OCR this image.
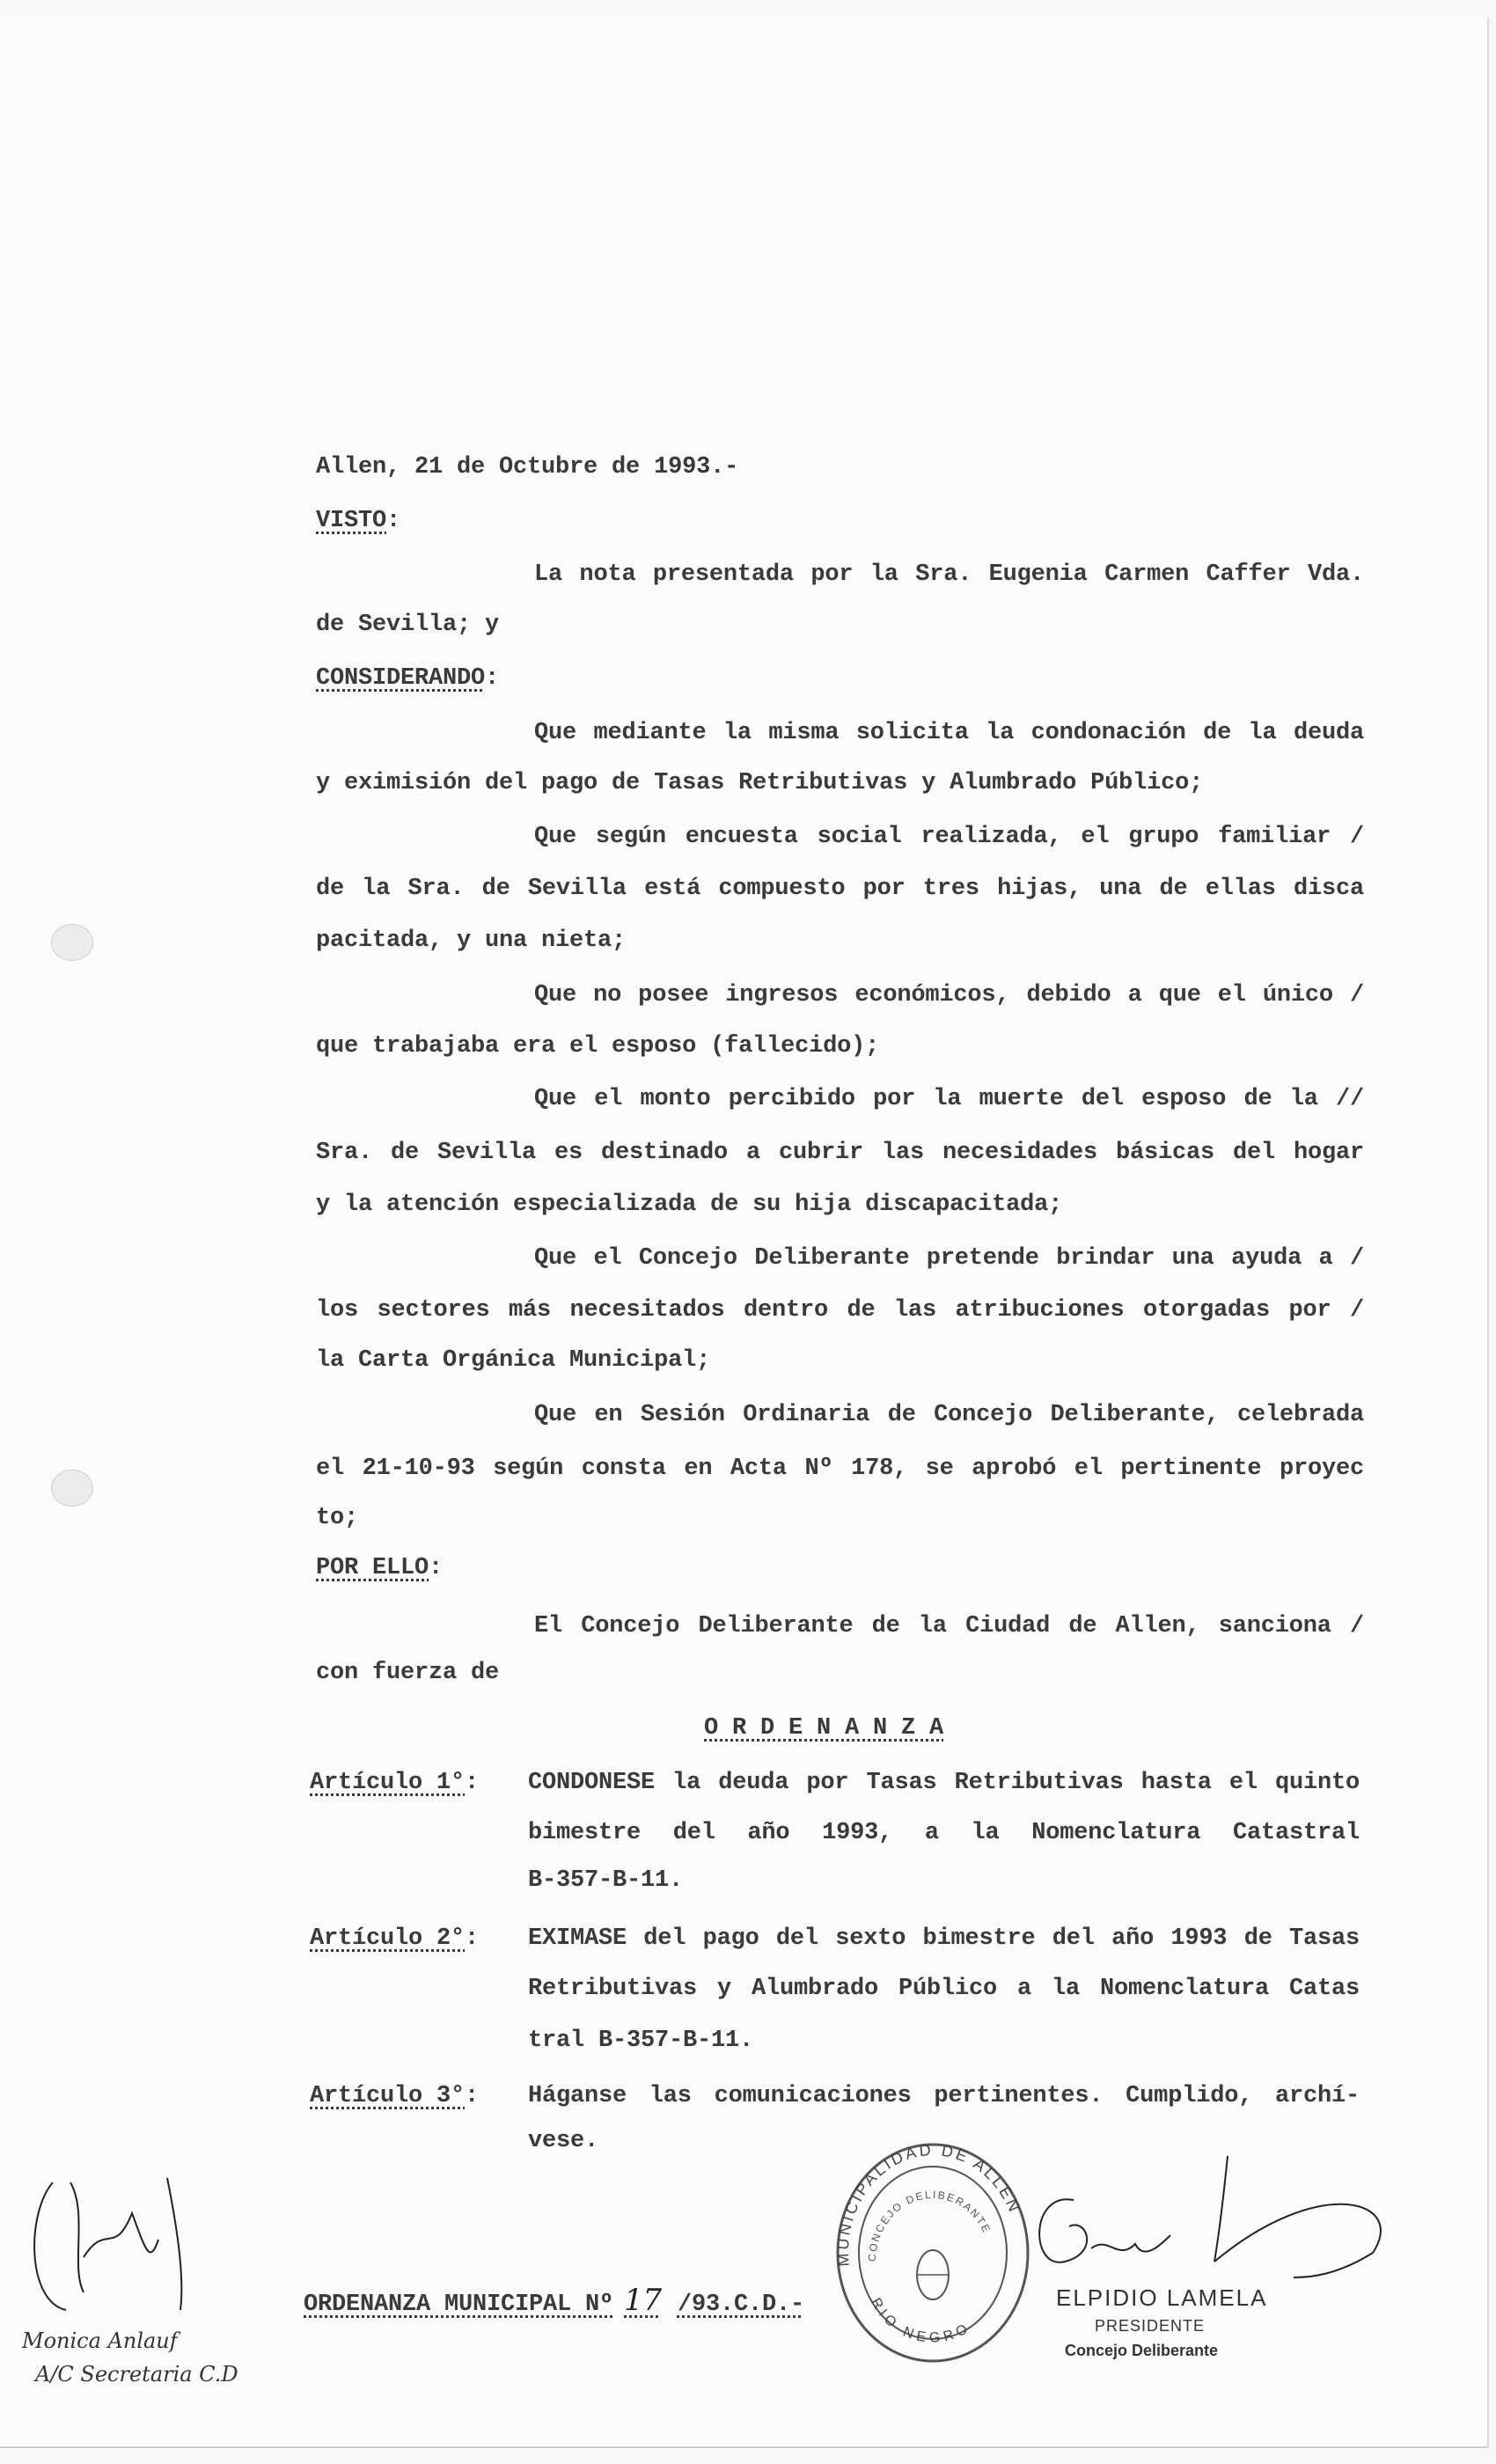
Allen, 21 de Octubre de 1993.-
VISTO:
La nota presentada por la Sra. Eugenia Carmen Caffer Vda.
de Sevilla; y
Que mediante la misma solicita la condonación de la deuda
y eximisión del pago de Tasas Retributivas y Alumbrado Público;
Que según encuesta social realizada, el grupo familiar /
de la Sra. de Sevilla está compuesto por tres hijas, una de ellas disca
pacitada, y una nieta;
Que no posee ingresos económicos, debido a que el único /
que trabajaba era el esposo (fallecido);
Que el monto percibido por la muerte del esposo de la //
Sra. de Sevilla es destinado a cubrir las necesidades básicas del hogar
y la atención especializada de su hija discapacitada;
Que el Concejo Deliberante pretende brindar una ayuda a /
los sectores más necesitados dentro de las atribuciones otorgadas por /
la Carta Orgánica Municipal;
Que en Sesión Ordinaria de Concejo Deliberante, celebrada
el 21-10-93 según consta en Acta Nº 178, se aprobó el pertinente proyec
to;
El Concejo Deliberante de la Ciudad de Allen, sanciona /
con fuerza de
CONSIDERANDO:
POR ELLO:
O R D E N A N Z A
Artículo 1°: CONDONESE la deuda por Tasas Retributivas hasta el quinto
bimestre del año 1993, a la Nomenclatura Catastral
B-357-B-11.
Artículo 2°: EXIMASE del pago del sexto bimestre del año 1993 de Tasas
Retributivas y Alumbrado Público a la Nomenclatura Catas
tral B-357-B-11.
Artículo 3°: Háganse las comunicaciones pertinentes. Cumplido, archí-
vese.
ORDENANZA MUNICIPAL Nº 17 /93.C.D.-
MUNICIPALIDAD DE ALLEN
CONCEJO DELIBERANTE
RIO NEGRO
Monica Anlauf
A/C Secretaria C.D
ELPIDIO LAMELA
PRESIDENTE
Concejo Deliberante
